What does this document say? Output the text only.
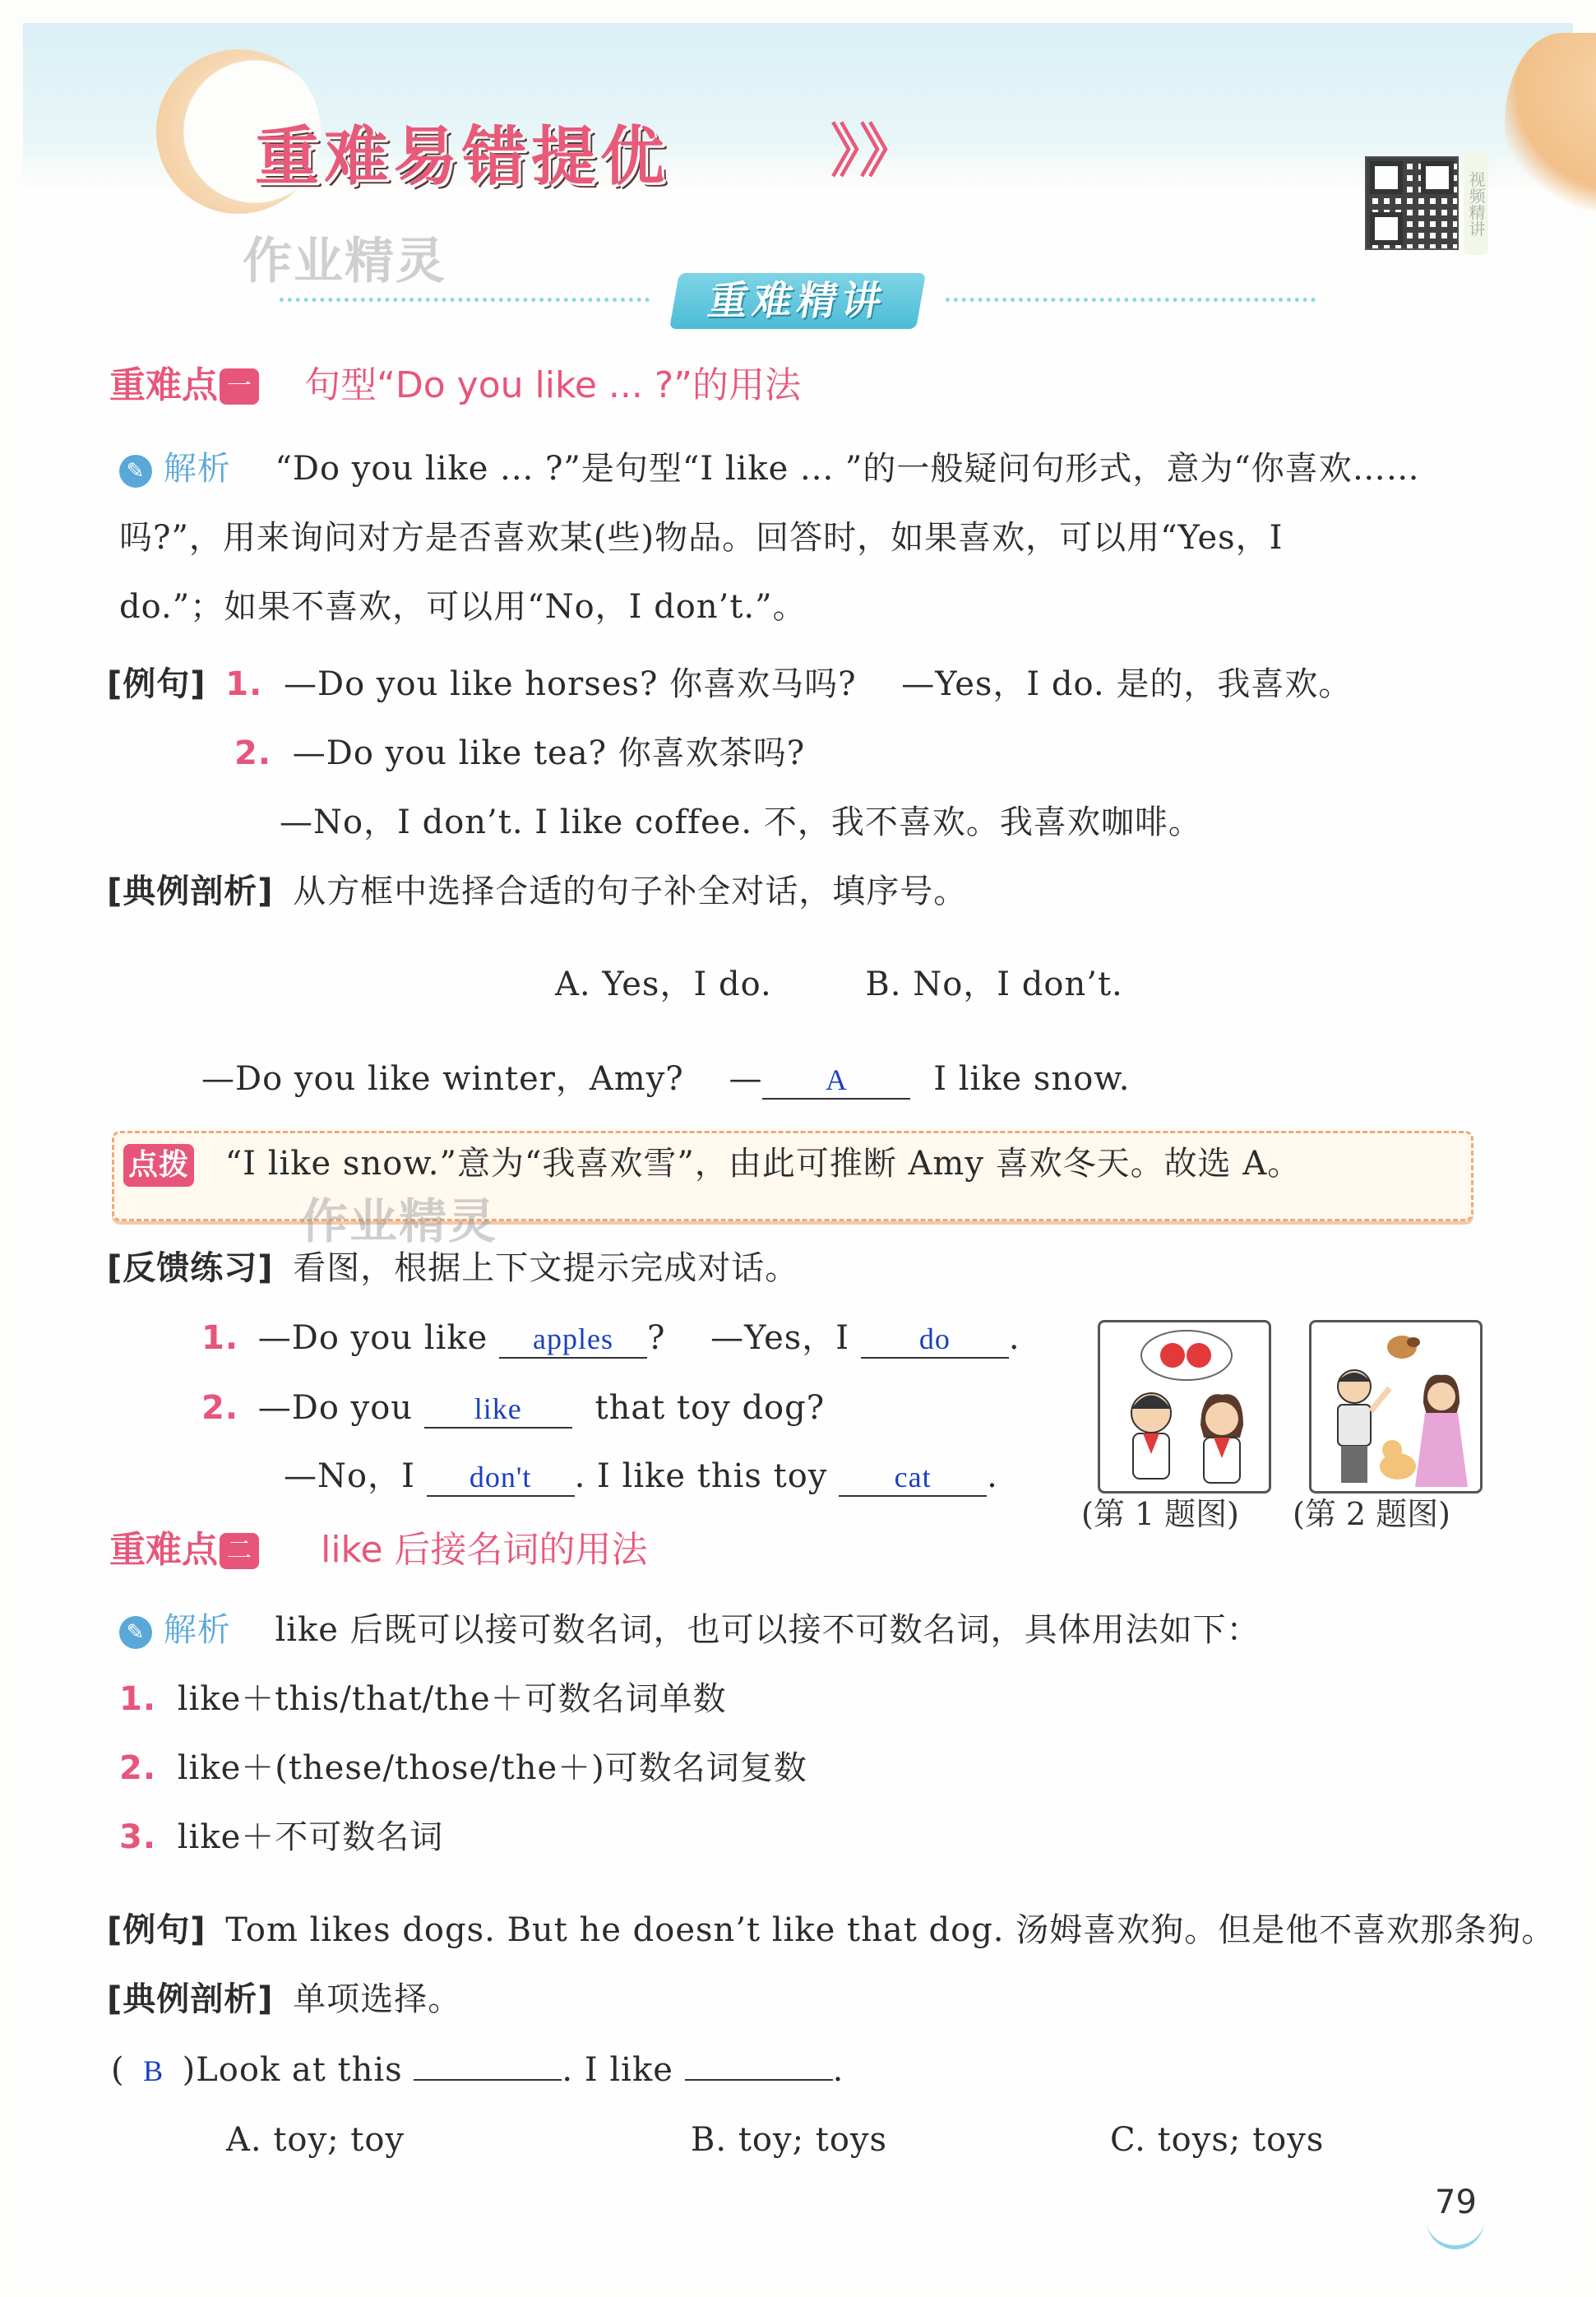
重难易错提优	》》
作业精灵
视频精讲
重难精讲
重难点 一 句型“Do you like ... ?”的用法
✎ 解析 “Do you like ... ?”是句型“I like ... ”的一般疑问句形式，意为“你喜欢……
吗?”，用来询问对方是否喜欢某(些)物品。回答时，如果喜欢，可以用“Yes，I
do.”；如果不喜欢，可以用“No，I don’t.”。
[例句] 1. —Do you like horses? 你喜欢马吗?　 —Yes，I do. 是的，我喜欢。
2. —Do you like tea? 你喜欢茶吗?
—No，I don’t. I like coffee. 不，我不喜欢。我喜欢咖啡。
[典例剖析] 从方框中选择合适的句子补全对话，填序号。
A. Yes，I do.	B. No，I don’t.
—Do you like winter，Amy?　 — A	I like snow.
点拨 “I like snow.”意为“我喜欢雪”，由此可推断 Amy 喜欢冬天。故选 A。
作业精灵
[反馈练习] 看图，根据上下文提示完成对话。
1. —Do you like apples ?　 —Yes，I do .
2. —Do you like that toy dog?
—No，I don't . I like this toy cat .
(第 1 题图) (第 2 题图)
重难点 二 like 后接名词的用法
✎ 解析 like 后既可以接可数名词，也可以接不可数名词，具体用法如下：
1. like＋this/that/the＋可数名词单数
2. like＋(these/those/the＋)可数名词复数
3. like＋不可数名词
[例句] Tom likes dogs. But he doesn’t like that dog. 汤姆喜欢狗。但是他不喜欢那条狗。
[典例剖析] 单项选择。
( B )Look at this	. I like	.
A. toy; toy	B. toy; toys	C. toys; toys
79
